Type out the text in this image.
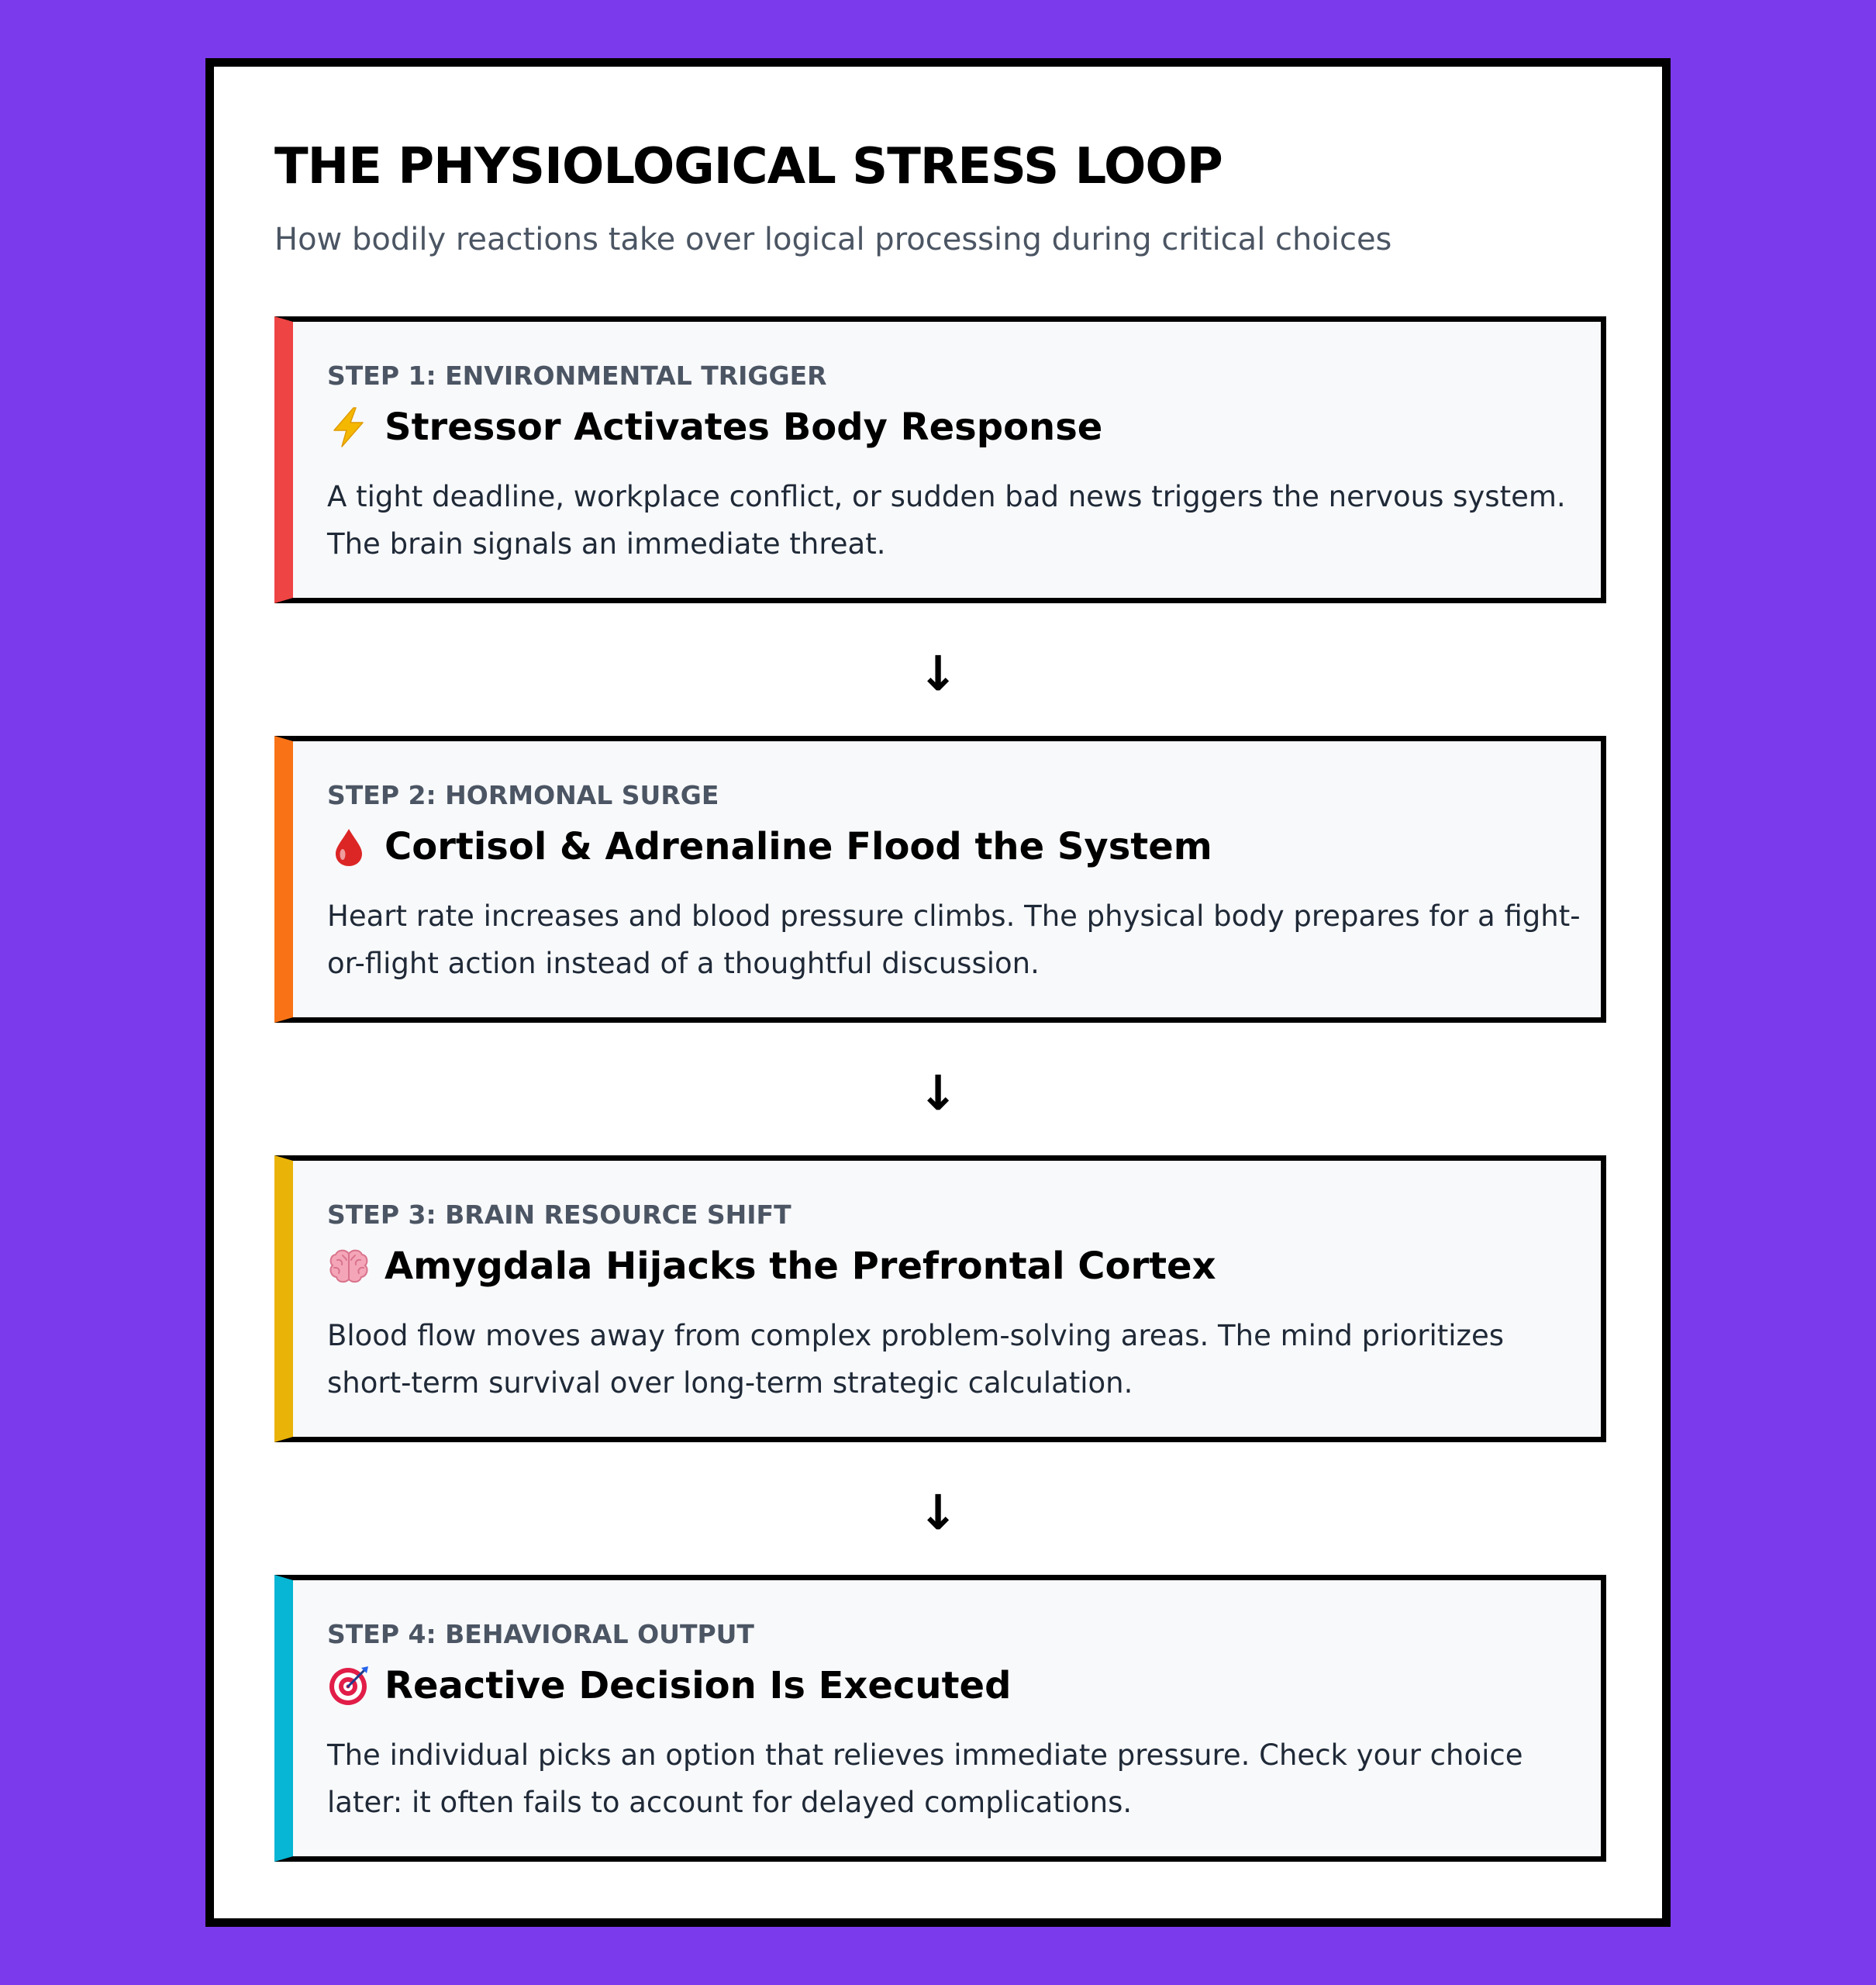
THE PHYSIOLOGICAL STRESS LOOP

How bodily reactions take over logical processing during critical choices

STEP 1: ENVIRONMENTAL TRIGGER

Stressor Activates Body Response

A tight deadline, workplace conflict, or sudden bad news triggers the nervous system. The brain signals an immediate threat.

↓

STEP 2: HORMONAL SURGE

Cortisol & Adrenaline Flood the System

Heart rate increases and blood pressure climbs. The physical body prepares for a fight-or-flight action instead of a thoughtful discussion.

↓

STEP 3: BRAIN RESOURCE SHIFT

Amygdala Hijacks the Prefrontal Cortex

Blood flow moves away from complex problem-solving areas. The mind prioritizes short-term survival over long-term strategic calculation.

↓

STEP 4: BEHAVIORAL OUTPUT

Reactive Decision Is Executed

The individual picks an option that relieves immediate pressure. Check your choice later: it often fails to account for delayed complications.
